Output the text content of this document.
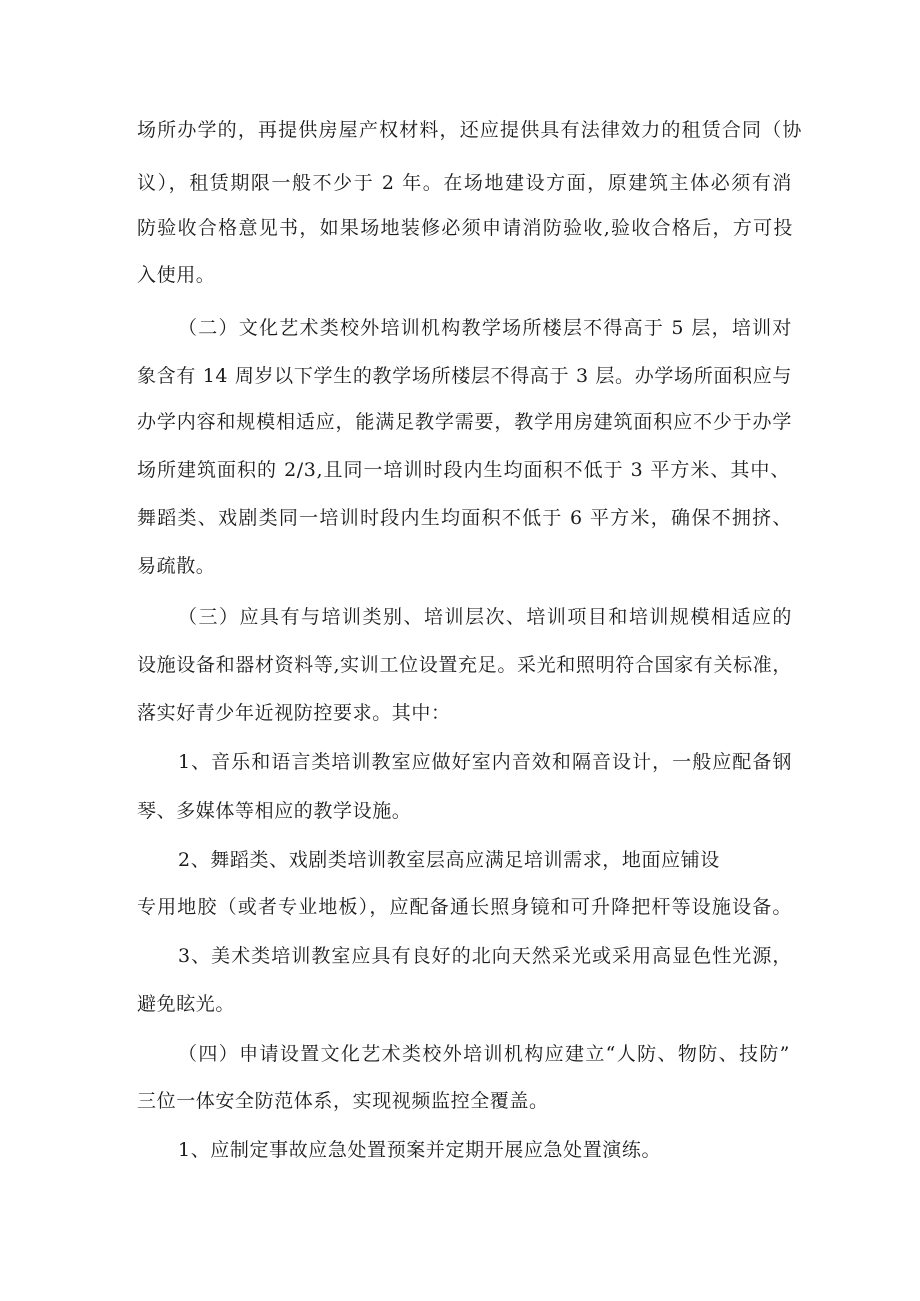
场所办学的，再提供房屋产权材料，还应提供具有法律效力的租赁合同（协
议），租赁期限一般不少于 2 年。在场地建设方面，原建筑主体必须有消
防验收合格意见书，如果场地装修必须申请消防验收,验收合格后，方可投
入使用。
（二）文化艺术类校外培训机构教学场所楼层不得高于 5 层，培训对
象含有 14 周岁以下学生的教学场所楼层不得高于 3 层。办学场所面积应与
办学内容和规模相适应，能满足教学需要，教学用房建筑面积应不少于办学
场所建筑面积的 2/3,且同一培训时段内生均面积不低于 3 平方米、其中、
舞蹈类、戏剧类同一培训时段内生均面积不低于 6 平方米，确保不拥挤、
易疏散。
（三）应具有与培训类别、培训层次、培训项目和培训规模相适应的
设施设备和器材资料等,实训工位设置充足。采光和照明符合国家有关标准，
落实好青少年近视防控要求。其中：
1、音乐和语言类培训教室应做好室内音效和隔音设计，一般应配备钢
琴、多媒体等相应的教学设施。
2、舞蹈类、戏剧类培训教室层高应满足培训需求，地面应铺设
专用地胶（或者专业地板），应配备通长照身镜和可升降把杆等设施设备。
3、美术类培训教室应具有良好的北向天然采光或采用高显色性光源，
避免眩光。
（四）申请设置文化艺术类校外培训机构应建立“人防、物防、技防”
三位一体安全防范体系，实现视频监控全覆盖。
1、应制定事故应急处置预案并定期开展应急处置演练。
